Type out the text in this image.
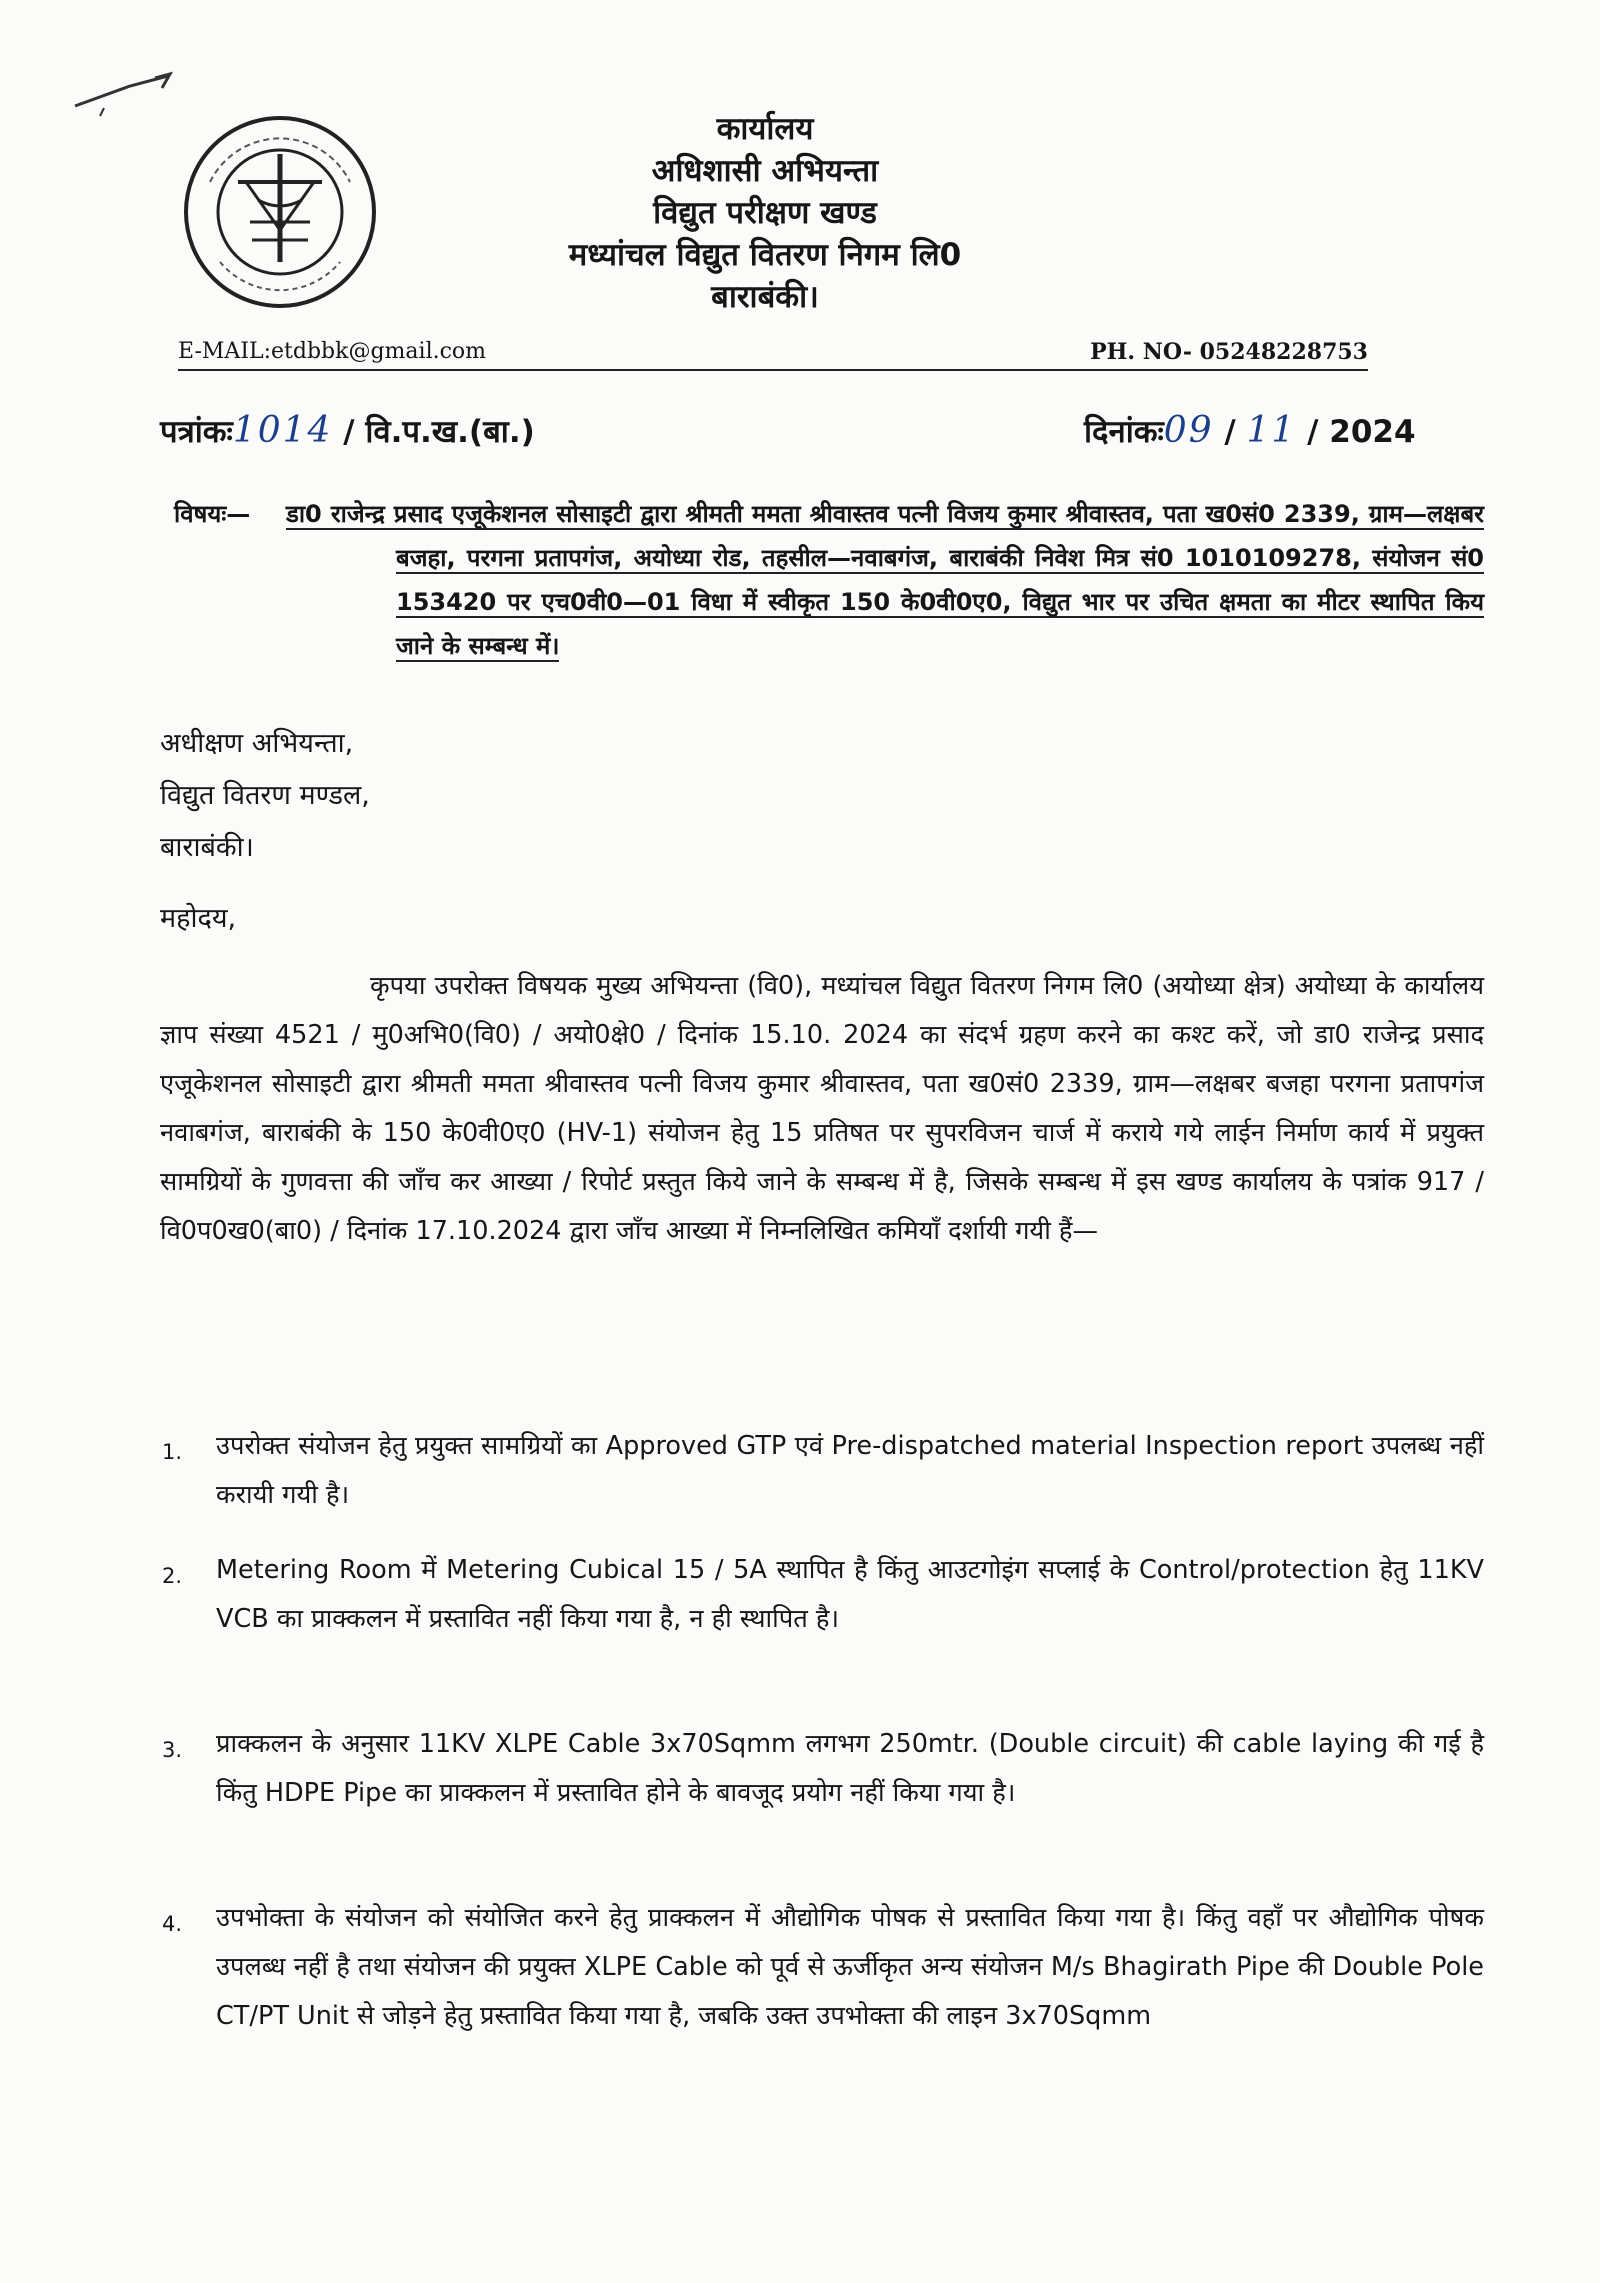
कार्यालय
अधिशासी अभियन्ता
विद्युत परीक्षण खण्ड
मध्यांचल विद्युत वितरण निगम लि0
बाराबंकी।
E-MAIL:etdbbk@gmail.com	PH. NO- 05248228753
पत्रांकः1014 / वि.प.ख.(बा.)	दिनांकः09 / 11 / 2024
विषयः— डा0 राजेन्द्र प्रसाद एजूकेशनल सोसाइटी द्वारा श्रीमती ममता श्रीवास्तव पत्नी विजय कुमार श्रीवास्तव, पता ख0सं0 2339, ग्राम—लक्षबर बजहा, परगना प्रतापगंज, अयोध्या रोड, तहसील—नवाबगंज, बाराबंकी निवेश मित्र सं0 1010109278, संयोजन सं0 153420 पर एच0वी0—01 विधा में स्वीकृत 150 के0वी0ए0, विद्युत भार पर उचित क्षमता का मीटर स्थापित किय जाने के सम्बन्ध में।
अधीक्षण अभियन्ता,
विद्युत वितरण मण्डल,
बाराबंकी।
महोदय,
कृपया उपरोक्त विषयक मुख्य अभियन्ता (वि0), मध्यांचल विद्युत वितरण निगम लि0 (अयोध्या क्षेत्र) अयोध्या के कार्यालय ज्ञाप संख्या 4521 / मु0अभि0(वि0) / अयो0क्षे0 / दिनांक 15.10. 2024 का संदर्भ ग्रहण करने का कश्ट करें, जो डा0 राजेन्द्र प्रसाद एजूकेशनल सोसाइटी द्वारा श्रीमती ममता श्रीवास्तव पत्नी विजय कुमार श्रीवास्तव, पता ख0सं0 2339, ग्राम—लक्षबर बजहा परगना प्रतापगंज नवाबगंज, बाराबंकी के 150 के0वी0ए0 (HV-1) संयोजन हेतु 15 प्रतिषत पर सुपरविजन चार्ज में कराये गये लाईन निर्माण कार्य में प्रयुक्त सामग्रियों के गुणवत्ता की जाँच कर आख्या / रिपोर्ट प्रस्तुत किये जाने के सम्बन्ध में है, जिसके सम्बन्ध में इस खण्ड कार्यालय के पत्रांक 917 / वि0प0ख0(बा0) / दिनांक 17.10.2024 द्वारा जाँच आख्या में निम्नलिखित कमियाँ दर्शायी गयी हैं—
1. उपरोक्त संयोजन हेतु प्रयुक्त सामग्रियों का Approved GTP एवं Pre-dispatched material Inspection report उपलब्ध नहीं करायी गयी है।
2. Metering Room में Metering Cubical 15 / 5A स्थापित है किंतु आउटगोइंग सप्लाई के Control/protection हेतु 11KV VCB का प्राक्कलन में प्रस्तावित नहीं किया गया है, न ही स्थापित है।
3. प्राक्कलन के अनुसार 11KV XLPE Cable 3x70Sqmm लगभग 250mtr. (Double circuit) की cable laying की गई है किंतु HDPE Pipe का प्राक्कलन में प्रस्तावित होने के बावजूद प्रयोग नहीं किया गया है।
4. उपभोक्ता के संयोजन को संयोजित करने हेतु प्राक्कलन में औद्योगिक पोषक से प्रस्तावित किया गया है। किंतु वहाँ पर औद्योगिक पोषक उपलब्ध नहीं है तथा संयोजन की प्रयुक्त XLPE Cable को पूर्व से ऊर्जीकृत अन्य संयोजन M/s Bhagirath Pipe की Double Pole CT/PT Unit से जोड़ने हेतु प्रस्तावित किया गया है, जबकि उक्त उपभोक्ता की लाइन 3x70Sqmm
